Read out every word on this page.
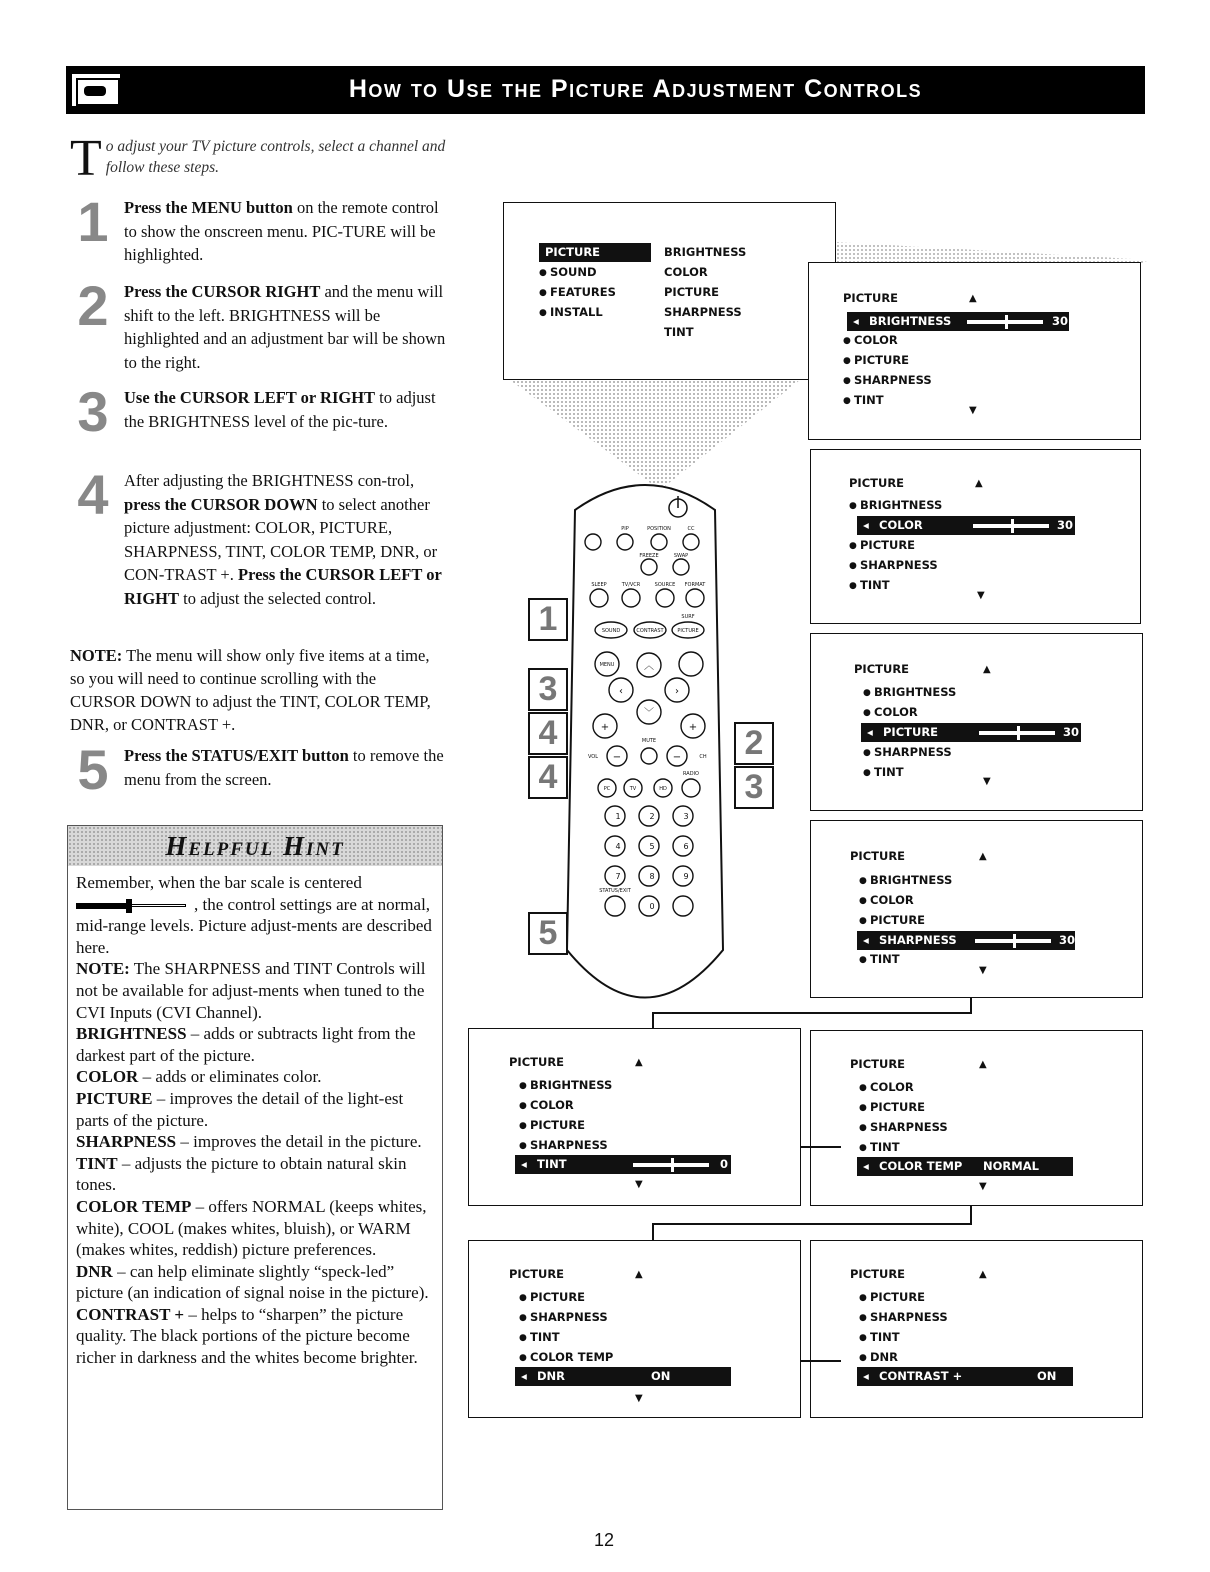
How to Use the Picture Adjustment Controls
To adjust your TV picture controls, select a channel and follow these steps.
1 Press the MENU button on the remote control to show the onscreen menu. PIC-TURE will be highlighted.
2 Press the CURSOR RIGHT and the menu will shift to the left. BRIGHTNESS will be highlighted and an adjustment bar will be shown to the right.
3 Use the CURSOR LEFT or RIGHT to adjust the BRIGHTNESS level of the pic-ture.
4 After adjusting the BRIGHTNESS con-trol, press the CURSOR DOWN to select another picture adjustment: COLOR, PICTURE, SHARPNESS, TINT, COLOR TEMP, DNR, or CON-TRAST +. Press the CURSOR LEFT or RIGHT to adjust the selected control.
NOTE: The menu will show only five items at a time, so you will need to continue scrolling with the CURSOR DOWN to adjust the TINT, COLOR TEMP, DNR, or CONTRAST +.
5 Press the STATUS/EXIT button to remove the menu from the screen.
Helpful Hint

Remember, when the bar scale is centered

, the control settings are at normal, mid-range levels. Picture adjust-ments are described here.

NOTE: The SHARPNESS and TINT Controls will not be available for adjust-ments when tuned to the CVI Inputs (CVI Channel).

BRIGHTNESS – adds or subtracts light from the darkest part of the picture.

COLOR – adds or eliminates color.

PICTURE – improves the detail of the light-est parts of the picture.

SHARPNESS – improves the detail in the picture.

TINT – adjusts the picture to obtain natural skin tones.

COLOR TEMP – offers NORMAL (keeps whites, white), COOL (makes whites, bluish), or WARM (makes whites, reddish) picture preferences.

DNR – can help eliminate slightly “speck-led” picture (an indication of signal noise in the picture).

CONTRAST + – helps to “sharpen” the picture quality. The black portions of the picture become richer in darkness and the whites become brighter.

PICTURE
● SOUND
● FEATURES
● INSTALL
BRIGHTNESS
COLOR
PICTURE
SHARPNESS
TINT
PICTURE	▲
◂ BRIGHTNESS	30
● COLOR
● PICTURE
● SHARPNESS
● TINT
▼
PICTURE	▲
● BRIGHTNESS
◂ COLOR	30
● PICTURE
● SHARPNESS
● TINT
▼
PICTURE	▲
● BRIGHTNESS
● COLOR
◂ PICTURE	30
● SHARPNESS
● TINT
▼
PICTURE	▲
● BRIGHTNESS
● COLOR
● PICTURE
◂ SHARPNESS	30
● TINT
▼
PICTURE	▲
● BRIGHTNESS
● COLOR
● PICTURE
● SHARPNESS
◂ TINT	0
▼
PICTURE	▲
● COLOR
● PICTURE
● SHARPNESS
● TINT
◂ COLOR TEMP NORMAL
▼
PICTURE	▲
● PICTURE
● SHARPNESS
● TINT
● COLOR TEMP
◂ DNR	ON
▼
PICTURE	▲
● PICTURE
● SHARPNESS
● TINT
● DNR
◂ CONTRAST +	ON
1	2	3
4	5	6
7	8	9
0
PIP	POSITION	CC
FREEZE	SWAP
SLEEP	TV/VCR	SOURCE FORMAT
SURF
MENU
SOUND	CONTRAST	PICTURE
MUTE
VOL	CH
PC	TV	HD
RADIO
STATUS/EXIT
︿
‹	›
﹀
+	+
−	−
1
3
4
4
2
3
5
12
